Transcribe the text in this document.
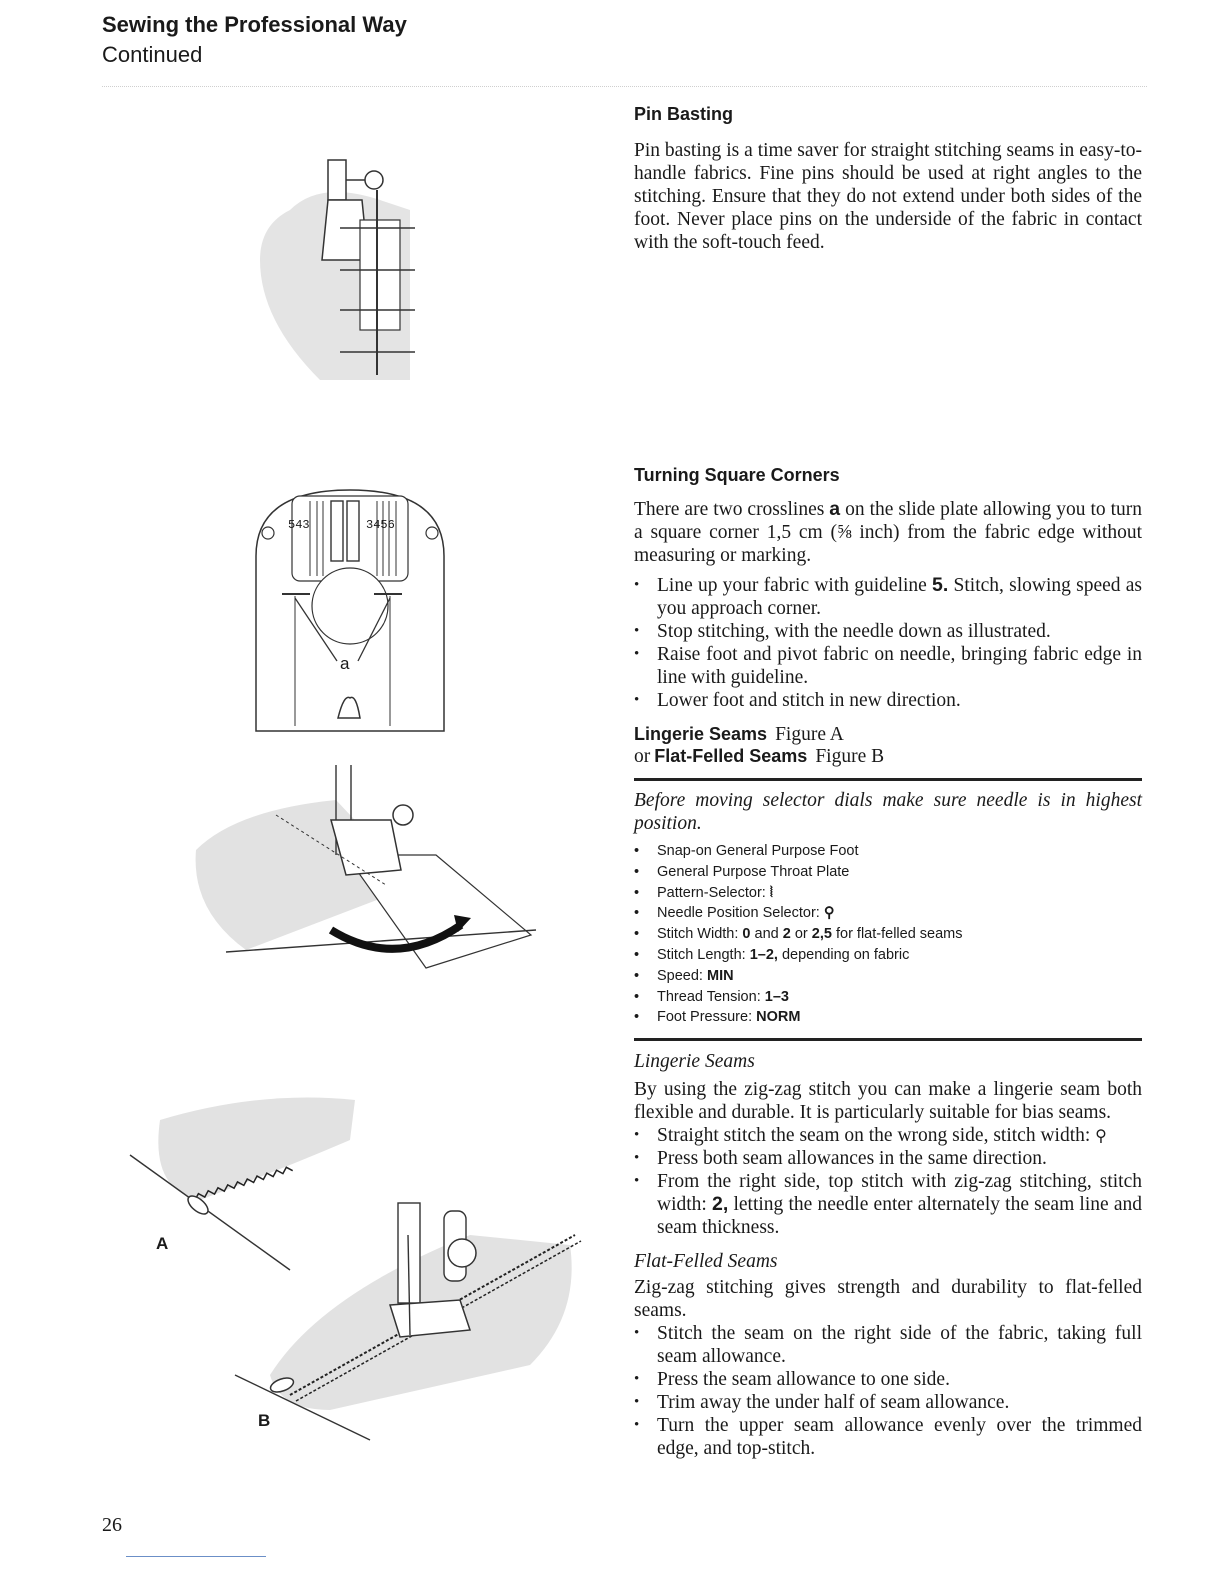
Sewing the Professional Way

Continued

a
543	3456
A
B
Pin Basting

Pin basting is a time saver for straight stitching seams in easy-to-handle fabrics. Fine pins should be used at right angles to the stitching. Ensure that they do not extend under both sides of the foot. Never place pins on the underside of the fabric in contact with the soft-touch feed.

Turning Square Corners

There are two crosslines a on the slide plate allowing you to turn a square corner 1,5 cm (⅝ inch) from the fabric edge without measuring or marking.

• Line up your fabric with guideline 5. Stitch, slowing speed as you approach corner.
• Stop stitching, with the needle down as illustrated.
• Raise foot and pivot fabric on needle, bringing fabric edge in line with guideline.
• Lower foot and stitch in new direction.
Lingerie Seams Figure A
or Flat-Felled Seams Figure B

Before moving selector dials make sure needle is in highest position.

• Snap-on General Purpose Foot
• General Purpose Throat Plate
• Pattern-Selector: ⦚
• Needle Position Selector: ⚲
• Stitch Width: 0 and 2 or 2,5 for flat-felled seams
• Stitch Length: 1–2, depending on fabric
• Speed: MIN
• Thread Tension: 1–3
• Foot Pressure: NORM

Lingerie Seams

By using the zig-zag stitch you can make a lingerie seam both flexible and durable. It is particularly suitable for bias seams.

• Straight stitch the seam on the wrong side, stitch width: ⚲
• Press both seam allowances in the same direction.
• From the right side, top stitch with zig-zag stitching, stitch width: 2, letting the needle enter alternately the seam line and seam thickness.

Flat-Felled Seams

Zig-zag stitching gives strength and durability to flat-felled seams.

• Stitch the seam on the right side of the fabric, taking full seam allowance.
• Press the seam allowance to one side.
• Trim away the under half of seam allowance.
• Turn the upper seam allowance evenly over the trimmed edge, and top-stitch.
26
